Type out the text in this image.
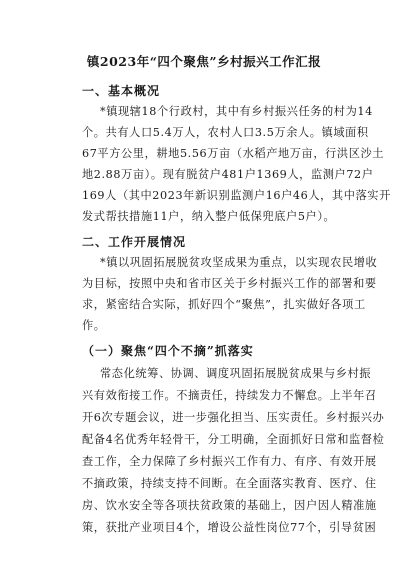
镇2023年“四个聚焦”乡村振兴工作汇报
一、基本概况
*镇现辖18个行政村，其中有乡村振兴任务的村为14
个。共有人口5.4万人，农村人口3.5万余人。镇域面积
67平方公里，耕地5.56万亩（水稻产地万亩，行洪区沙土
地2.88万亩）。现有脱贫户481户1369人，监测户72户
169人（其中2023年新识别监测户16户46人，其中落实开
发式帮扶措施11户，纳入整户低保兜底户5户）。
二、工作开展情况
*镇以巩固拓展脱贫攻坚成果为重点，以实现农民增收
为目标，按照中央和省市区关于乡村振兴工作的部署和要
求，紧密结合实际，抓好四个“聚焦”，扎实做好各项工
作。
（一）聚焦“四个不摘”抓落实
常态化统筹、协调、调度巩固拓展脱贫成果与乡村振
兴有效衔接工作。不摘责任，持续发力不懈怠。上半年召
开6次专题会议，进一步强化担当、压实责任。乡村振兴办
配备4名优秀年轻骨干，分工明确，全面抓好日常和监督检
查工作，全力保障了乡村振兴工作有力、有序、有效开展
不摘政策，持续支持不间断。在全面落实教育、医疗、住
房、饮水安全等各项扶贫政策的基础上，因户因人精准施
策，获批产业项目4个，增设公益性岗位77个，引导贫困
